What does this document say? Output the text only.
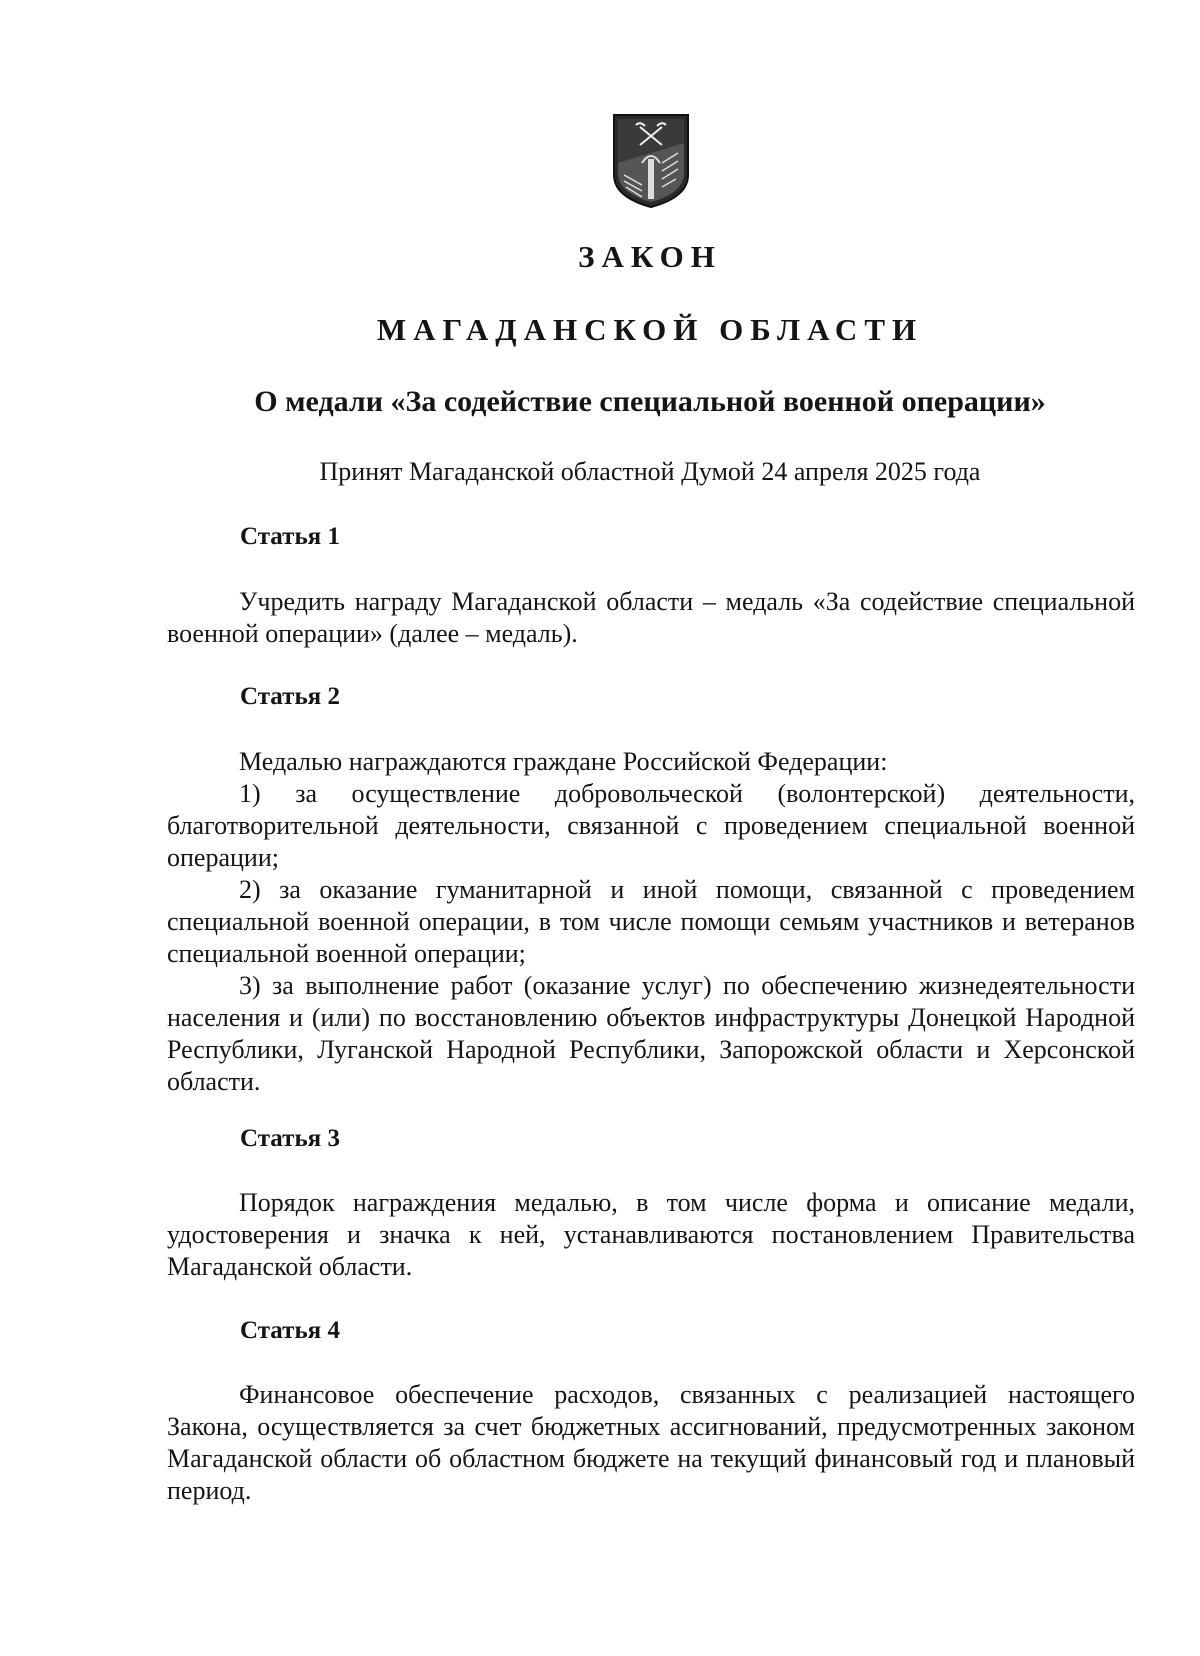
ЗАКОН
МАГАДАНСКОЙ ОБЛАСТИ
О медали «За содействие специальной военной операции»
Принят Магаданской областной Думой 24 апреля 2025 года
Статья 1
Учредить награду Магаданской области – медаль «За содействие специальной военной операции» (далее – медаль).
Статья 2
Медалью награждаются граждане Российской Федерации:
1) за осуществление добровольческой (волонтерской) деятельности, благотворительной деятельности, связанной с проведением специальной военной операции;
2) за оказание гуманитарной и иной помощи, связанной с проведением специальной военной операции, в том числе помощи семьям участников и ветеранов специальной военной операции;
3) за выполнение работ (оказание услуг) по обеспечению жизнедеятельности населения и (или) по восстановлению объектов инфраструктуры Донецкой Народной Республики, Луганской Народной Республики, Запорожской области и Херсонской области.
Статья 3
Порядок награждения медалью, в том числе форма и описание медали, удостоверения и значка к ней, устанавливаются постановлением Правительства Магаданской области.
Статья 4
Финансовое обеспечение расходов, связанных с реализацией настоящего Закона, осуществляется за счет бюджетных ассигнований, предусмотренных законом Магаданской области об областном бюджете на текущий финансовый год и плановый период.
